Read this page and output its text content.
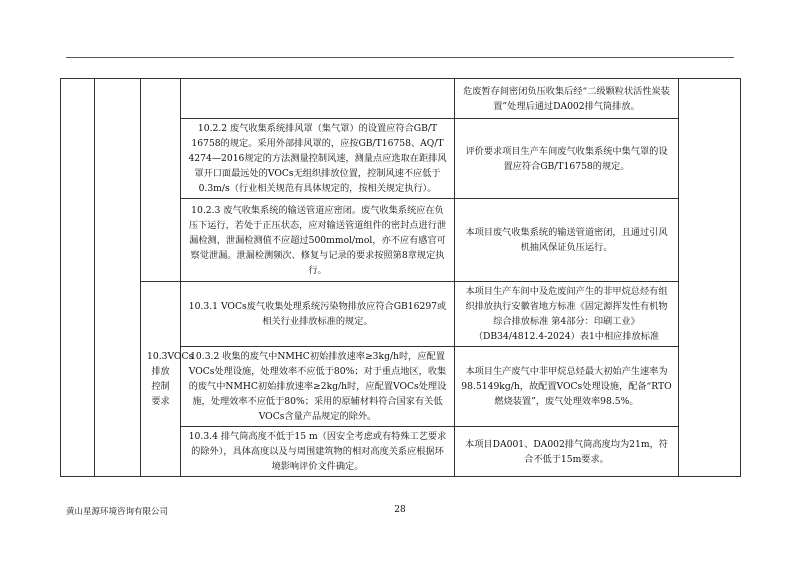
				危废暂存间密闭负压收集后经“二级颗粒状活性炭装置”处理后通过DA002排气筒排放。	
			10.2.2 废气收集系统排风罩（集气罩）的设置应符合GB/T 16758的规定。采用外部排风罩的，应按GB/T16758、AQ/T 4274—2016规定的方法测量控制风速，测量点应选取在距排风罩开口面最远处的VOCs无组织排放位置，控制风速不应低于0.3m/s（行业相关规范有具体规定的，按相关规定执行）。	评价要求项目生产车间废气收集系统中集气罩的设置应符合GB/T16758的规定。	
			10.2.3 废气收集系统的输送管道应密闭。废气收集系统应在负压下运行，若处于正压状态，应对输送管道组件的密封点进行泄漏检测，泄漏检测值不应超过500mmol/mol，亦不应有感官可察觉泄漏。泄漏检测频次、修复与记录的要求按照第8章规定执行。	本项目废气收集系统的输送管道密闭，且通过引风机抽风保证负压运行。	
		10.3VOCs排放控制要求	10.3.1 VOCs废气收集处理系统污染物排放应符合GB16297或相关行业排放标准的规定。	本项目生产车间中及危废间产生的非甲烷总烃有组织排放执行安徽省地方标准《固定源挥发性有机物综合排放标准 第4部分：印刷工业》（DB34/4812.4-2024）表1中相应排放标准	
			10.3.2 收集的废气中NMHC初始排放速率≥3kg/h时，应配置VOCs处理设施，处理效率不应低于80%；对于重点地区，收集的废气中NMHC初始排放速率≥2kg/h时，应配置VOCs处理设施，处理效率不应低于80%；采用的原辅材料符合国家有关低VOCs含量产品规定的除外。	本项目生产废气中非甲烷总烃最大初始产生速率为98.5149kg/h，故配置VOCs处理设施，配备“RTO燃烧装置”，废气处理效率98.5%。	
			10.3.4 排气筒高度不低于15 m（因安全考虑或有特殊工艺要求的除外），具体高度以及与周围建筑物的相对高度关系应根据环境影响评价文件确定。	本项目DA001、DA002排气筒高度均为21m，符合不低于15m要求。	
黄山星源环境咨询有限公司	28
